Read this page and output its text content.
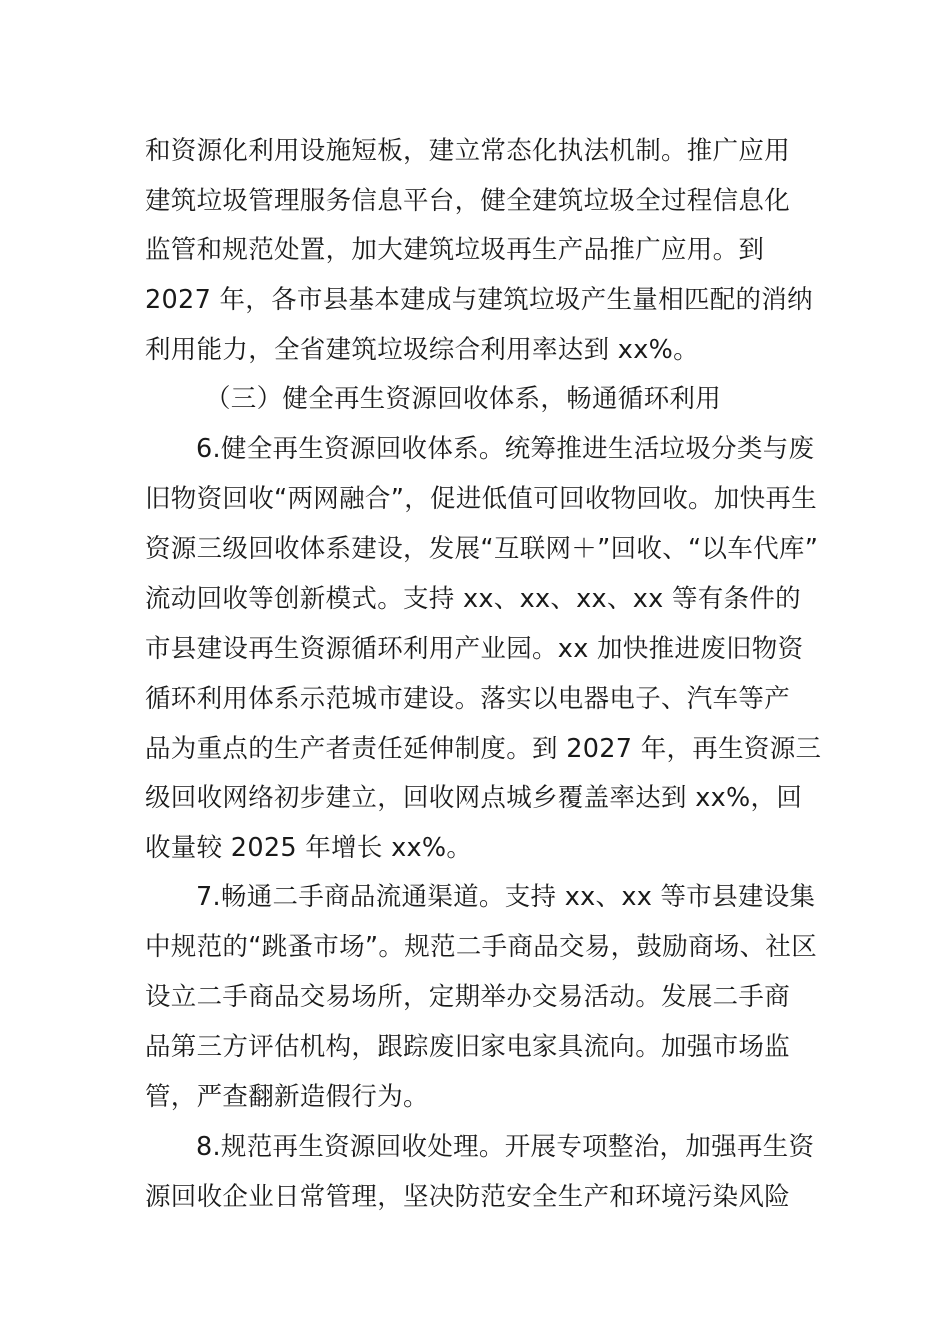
和资源化利用设施短板，建立常态化执法机制。推广应用
建筑垃圾管理服务信息平台，健全建筑垃圾全过程信息化
监管和规范处置，加大建筑垃圾再生产品推广应用。到
2027 年，各市县基本建成与建筑垃圾产生量相匹配的消纳
利用能力，全省建筑垃圾综合利用率达到 xx%。
（三）健全再生资源回收体系，畅通循环利用
6.健全再生资源回收体系。统筹推进生活垃圾分类与废
旧物资回收“两网融合”，促进低值可回收物回收。加快再生
资源三级回收体系建设，发展“互联网＋”回收、“以车代库”
流动回收等创新模式。支持 xx、xx、xx、xx 等有条件的
市县建设再生资源循环利用产业园。xx 加快推进废旧物资
循环利用体系示范城市建设。落实以电器电子、汽车等产
品为重点的生产者责任延伸制度。到 2027 年，再生资源三
级回收网络初步建立，回收网点城乡覆盖率达到 xx%，回
收量较 2025 年增长 xx%。
7.畅通二手商品流通渠道。支持 xx、xx 等市县建设集
中规范的“跳蚤市场”。规范二手商品交易，鼓励商场、社区
设立二手商品交易场所，定期举办交易活动。发展二手商
品第三方评估机构，跟踪废旧家电家具流向。加强市场监
管，严查翻新造假行为。
8.规范再生资源回收处理。开展专项整治，加强再生资
源回收企业日常管理，坚决防范安全生产和环境污染风险
